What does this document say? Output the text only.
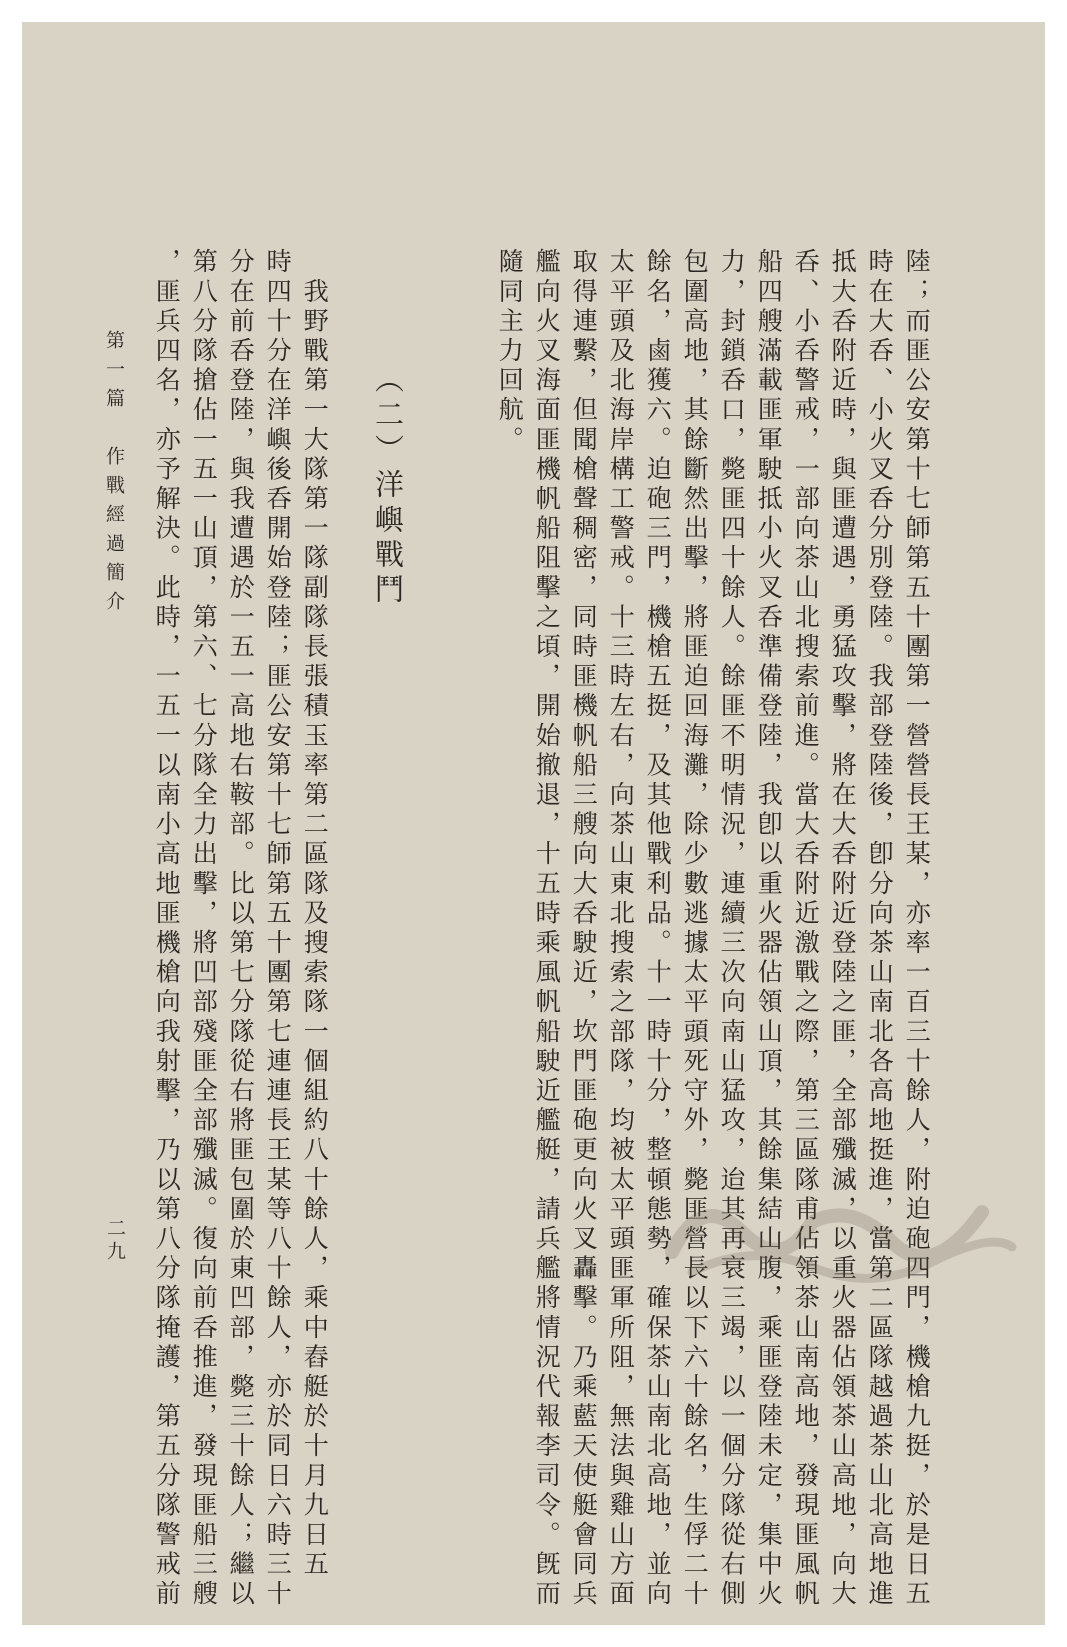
陸；而匪公安第十七師第五十團第一營營長王某，亦率一百三十餘人，附迫砲四門，機槍九挺，於是日五
時在大呑、小火叉呑分別登陸。我部登陸後，卽分向茶山南北各高地挺進，當第二區隊越過茶山北高地進
抵大呑附近時，與匪遭遇，勇猛攻擊，將在大呑附近登陸之匪，全部殲滅，以重火器佔領茶山高地，向大
呑、小呑警戒，一部向茶山北搜索前進。當大呑附近激戰之際，第三區隊甫佔領茶山南高地，發現匪風帆
船四艘滿載匪軍駛抵小火叉呑準備登陸，我卽以重火器佔領山頂，其餘集結山腹，乘匪登陸未定，集中火
力，封鎖呑口，斃匪四十餘人。餘匪不明情況，連續三次向南山猛攻，迨其再衰三竭，以一個分隊從右側
包圍高地，其餘斷然出擊，將匪迫回海灘，除少數逃據太平頭死守外，斃匪營長以下六十餘名，生俘二十
餘名，鹵獲六。迫砲三門，機槍五挺，及其他戰利品。十一時十分，整頓態勢，確保茶山南北高地，並向
太平頭及北海岸構工警戒。十三時左右，向茶山東北搜索之部隊，均被太平頭匪軍所阻，無法與雞山方面
取得連繫，但聞槍聲稠密，同時匪機帆船三艘向大呑駛近，坎門匪砲更向火叉轟擊。乃乘藍天使艇會同兵
艦向火叉海面匪機帆船阻擊之頃，開始撤退，十五時乘風帆船駛近艦艇，請兵艦將情況代報李司令。旣而
隨同主力回航。
（二）洋嶼戰鬥
　我野戰第一大隊第一隊副隊長張積玉率第二區隊及搜索隊一個組約八十餘人，乘中舂艇於十月九日五
時四十分在洋嶼後呑開始登陸；匪公安第十七師第五十團第七連連長王某等八十餘人，亦於同日六時三十
分在前呑登陸，與我遭遇於一五一高地右鞍部。比以第七分隊從右將匪包圍於東凹部，斃三十餘人；繼以
第八分隊搶佔一五一山頂，第六、七分隊全力出擊，將凹部殘匪全部殲滅。復向前呑推進，發現匪船三艘
，匪兵四名，亦予解決。此時，一五一以南小高地匪機槍向我射擊，乃以第八分隊掩護，第五分隊警戒前
第一篇　作戰經過簡介
二九
